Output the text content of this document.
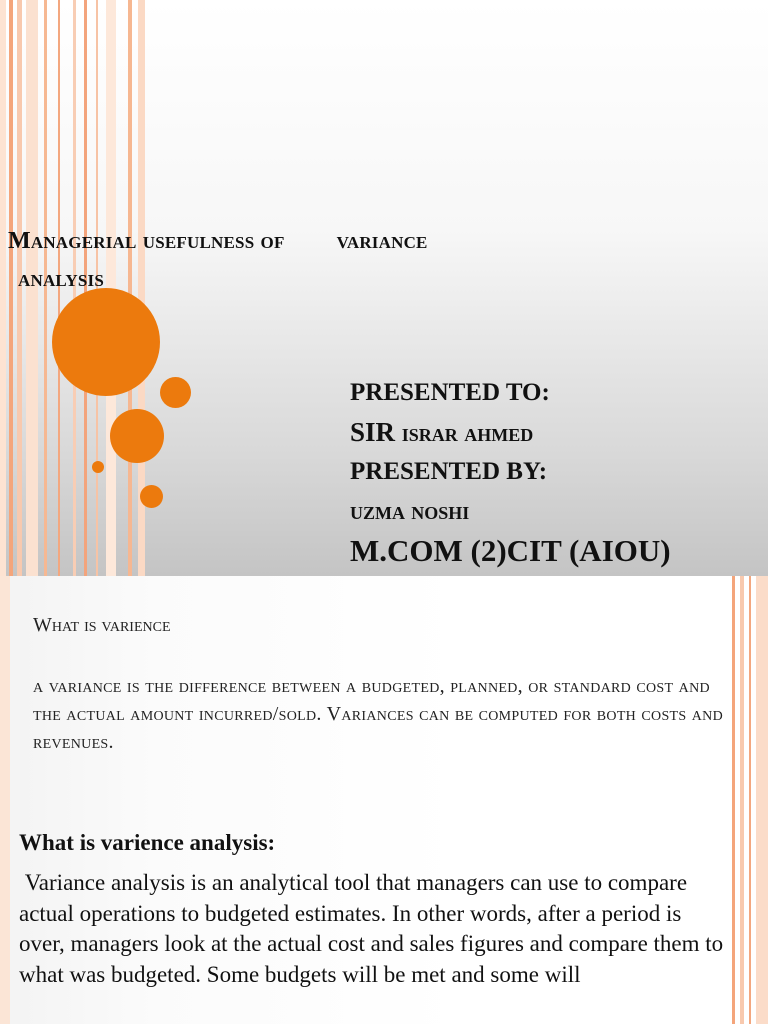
Managerial usefulness of variance
analysis

PRESENTED TO:

SIR israr ahmed

PRESENTED BY:

uzma noshi

M.COM (2)CIT (AIOU)

What is varience

a variance is the difference between a budgeted, planned, or standard cost and the actual amount incurred/sold. Variances can be computed for both costs and revenues.

What is varience analysis:

Variance analysis is an analytical tool that managers can use to compare actual operations to budgeted estimates. In other words, after a period is over, managers look at the actual cost and sales figures and compare them to what was budgeted. Some budgets will be met and some will
